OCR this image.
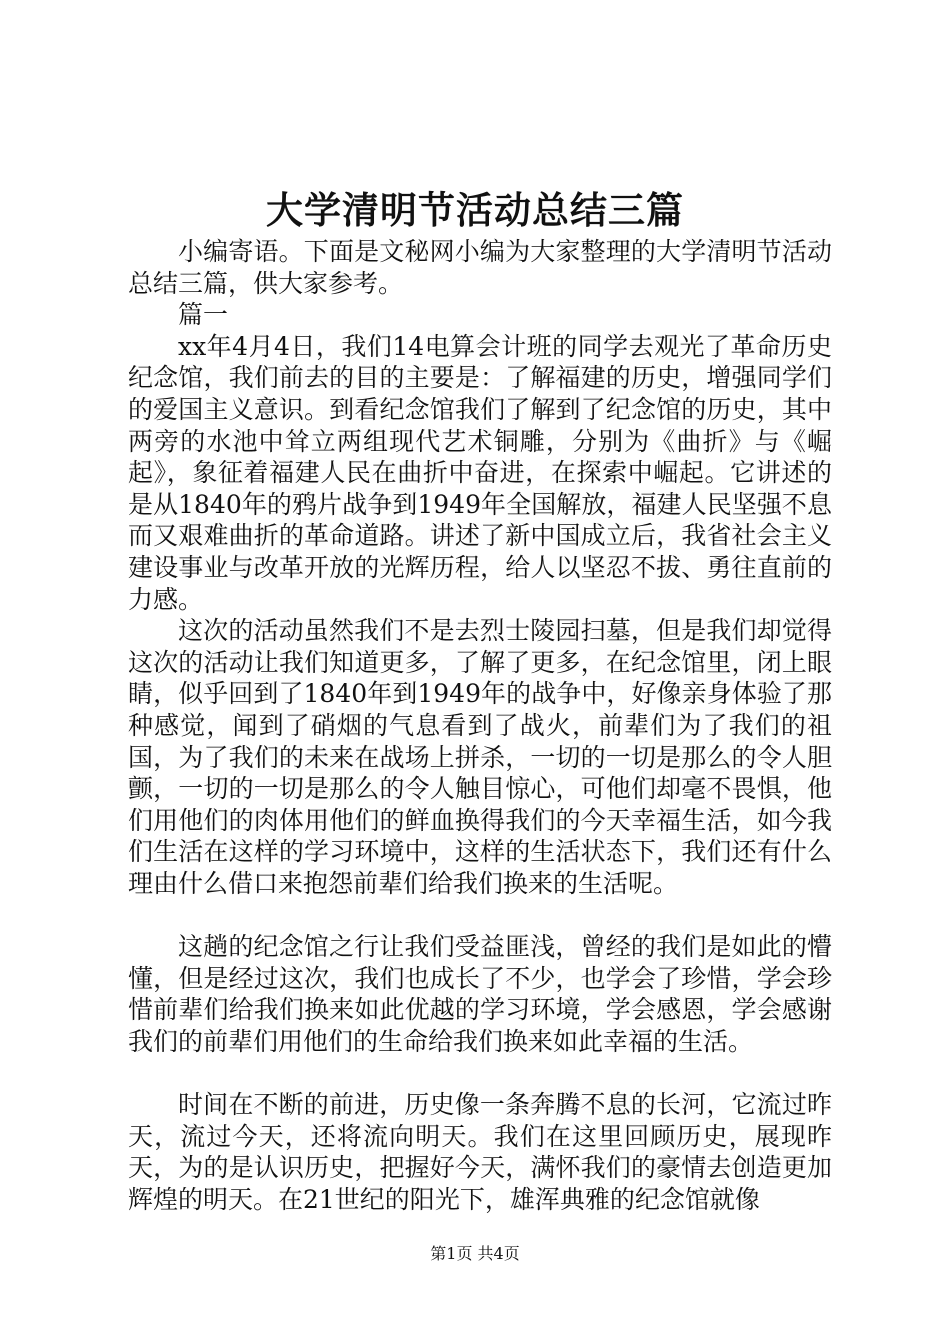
大学清明节活动总结三篇

小编寄语。下面是文秘网小编为大家整理的大学清明节活动总结三篇，供大家参考。

篇一

xx年4月4日，我们14电算会计班的同学去观光了革命历史纪念馆，我们前去的目的主要是：了解福建的历史，增强同学们的爱国主义意识。到看纪念馆我们了解到了纪念馆的历史，其中两旁的水池中耸立两组现代艺术铜雕，分别为《曲折》与《崛起》，象征着福建人民在曲折中奋进，在探索中崛起。它讲述的是从1840年的鸦片战争到1949年全国解放，福建人民坚强不息而又艰难曲折的革命道路。讲述了新中国成立后，我省社会主义建设事业与改革开放的光辉历程，给人以坚忍不拔、勇往直前的力感。

这次的活动虽然我们不是去烈士陵园扫墓，但是我们却觉得这次的活动让我们知道更多，了解了更多，在纪念馆里，闭上眼睛，似乎回到了1840年到1949年的战争中，好像亲身体验了那种感觉，闻到了硝烟的气息看到了战火，前辈们为了我们的祖国，为了我们的未来在战场上拼杀，一切的一切是那么的令人胆颤，一切的一切是那么的令人触目惊心，可他们却毫不畏惧，他们用他们的肉体用他们的鲜血换得我们的今天幸福生活，如今我们生活在这样的学习环境中，这样的生活状态下，我们还有什么理由什么借口来抱怨前辈们给我们换来的生活呢。

这趟的纪念馆之行让我们受益匪浅，曾经的我们是如此的懵懂，但是经过这次，我们也成长了不少，也学会了珍惜，学会珍惜前辈们给我们换来如此优越的学习环境，学会感恩，学会感谢我们的前辈们用他们的生命给我们换来如此幸福的生活。

时间在不断的前进，历史像一条奔腾不息的长河，它流过昨天，流过今天，还将流向明天。我们在这里回顾历史，展现昨天，为的是认识历史，把握好今天，满怀我们的豪情去创造更加辉煌的明天。在21世纪的阳光下，雄浑典雅的纪念馆就像

第1页 共4页
